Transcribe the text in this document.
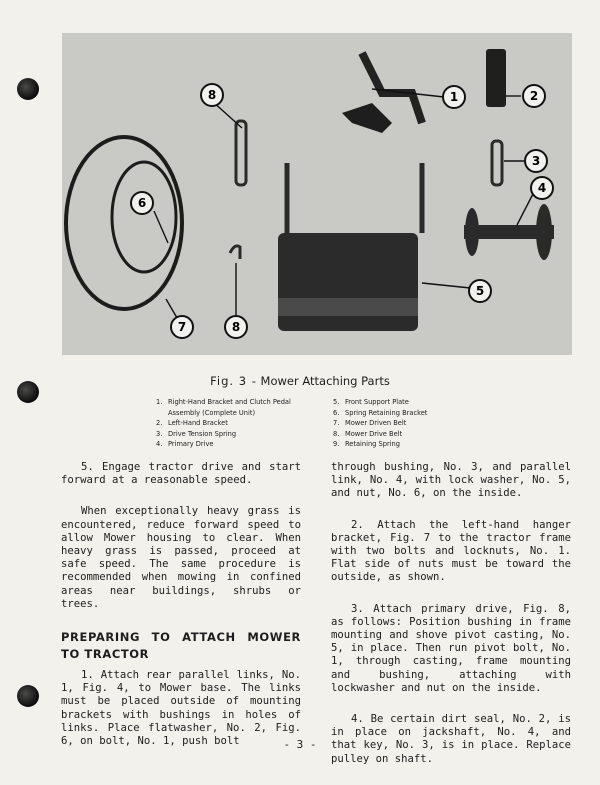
8	1	2
3
4
5
6
7	8
Fig. 3 - Mower Attaching Parts
1. Right-Hand Bracket and Clutch Pedal Assembly (Complete Unit)
2. Left-Hand Bracket
3. Drive Tension Spring
4. Primary Drive
5. Front Support Plate
6. Spring Retaining Bracket
7. Mower Driven Belt
8. Mower Drive Belt
9. Retaining Spring

5. Engage tractor drive and start forward at a reasonable speed.

When exceptionally heavy grass is encountered, reduce forward speed to allow Mower housing to clear. When heavy grass is passed, proceed at safe speed. The same procedure is recommended when mowing in confined areas near buildings, shrubs or trees.

PREPARING TO ATTACH MOWER TO TRACTOR

1. Attach rear parallel links, No. 1, Fig. 4, to Mower base. The links must be placed outside of mounting brackets with bushings in holes of links. Place flatwasher, No. 2, Fig. 6, on bolt, No. 1, push bolt

through bushing, No. 3, and parallel link, No. 4, with lock washer, No. 5, and nut, No. 6, on the inside.

2. Attach the left-hand hanger bracket, Fig. 7 to the tractor frame with two bolts and locknuts, No. 1. Flat side of nuts must be toward the outside, as shown.

3. Attach primary drive, Fig. 8, as follows: Position bushing in frame mounting and shove pivot casting, No. 5, in place. Then run pivot bolt, No. 1, through casting, frame mounting and bushing, attaching with lockwasher and nut on the inside.

4. Be certain dirt seal, No. 2, is in place on jackshaft, No. 4, and that key, No. 3, is in place. Replace pulley on shaft.

- 3 -
